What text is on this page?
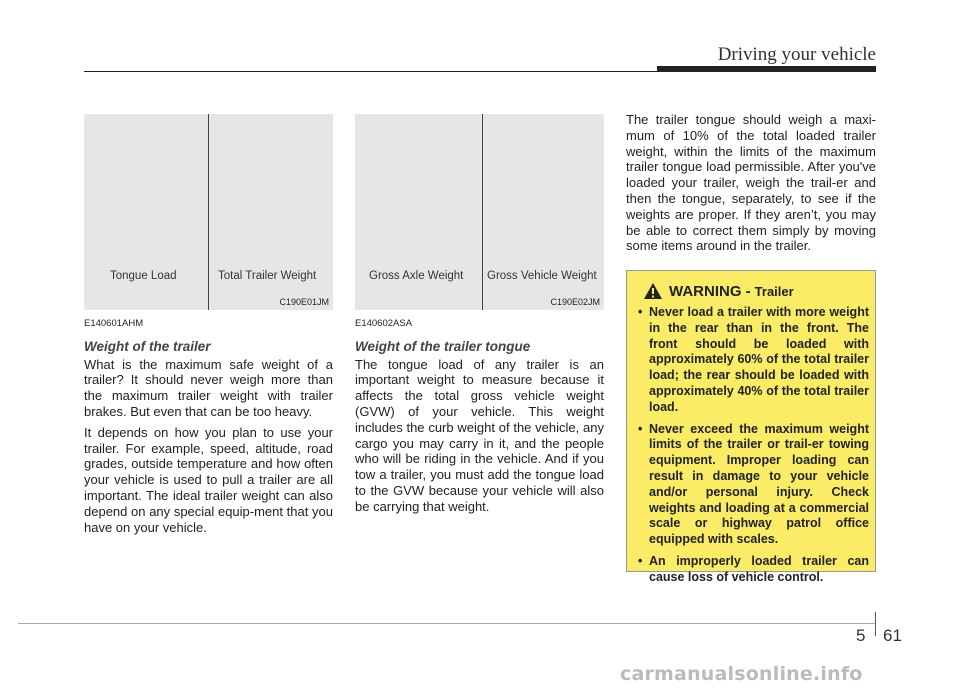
Driving your vehicle
Tongue Load	Total Trailer Weight
C190E01JM
Gross Axle Weight Gross Vehicle Weight
C190E02JM
E140601AHM
Weight of the trailer

What is the maximum safe weight of a trailer? It should never weigh more than the maximum trailer weight with trailer brakes. But even that can be too heavy.

It depends on how you plan to use your trailer. For example, speed, altitude, road grades, outside temperature and how often your vehicle is used to pull a trailer are all important. The ideal trailer weight can also depend on any special equip-ment that you have on your vehicle.

E140602ASA
Weight of the trailer tongue

The tongue load of any trailer is an important weight to measure because it affects the total gross vehicle weight (GVW) of your vehicle. This weight includes the curb weight of the vehicle, any cargo you may carry in it, and the people who will be riding in the vehicle. And if you tow a trailer, you must add the tongue load to the GVW because your vehicle will also be carrying that weight.

The trailer tongue should weigh a maxi-mum of 10% of the total loaded trailer weight, within the limits of the maximum trailer tongue load permissible. After you've loaded your trailer, weigh the trail-er and then the tongue, separately, to see if the weights are proper. If they aren’t, you may be able to correct them simply by moving some items around in the trailer.

WARNING - Trailer
• Never load a trailer with more weight in the rear than in the front. The front should be loaded with approximately 60% of the total trailer load; the rear should be loaded with approximately 40% of the total trailer load.
• Never exceed the maximum weight limits of the trailer or trail-er towing equipment. Improper loading can result in damage to your vehicle and/or personal injury. Check weights and loading at a commercial scale or highway patrol office equipped with scales.
• An improperly loaded trailer can cause loss of vehicle control.
5 61
carmanualsonline.info
